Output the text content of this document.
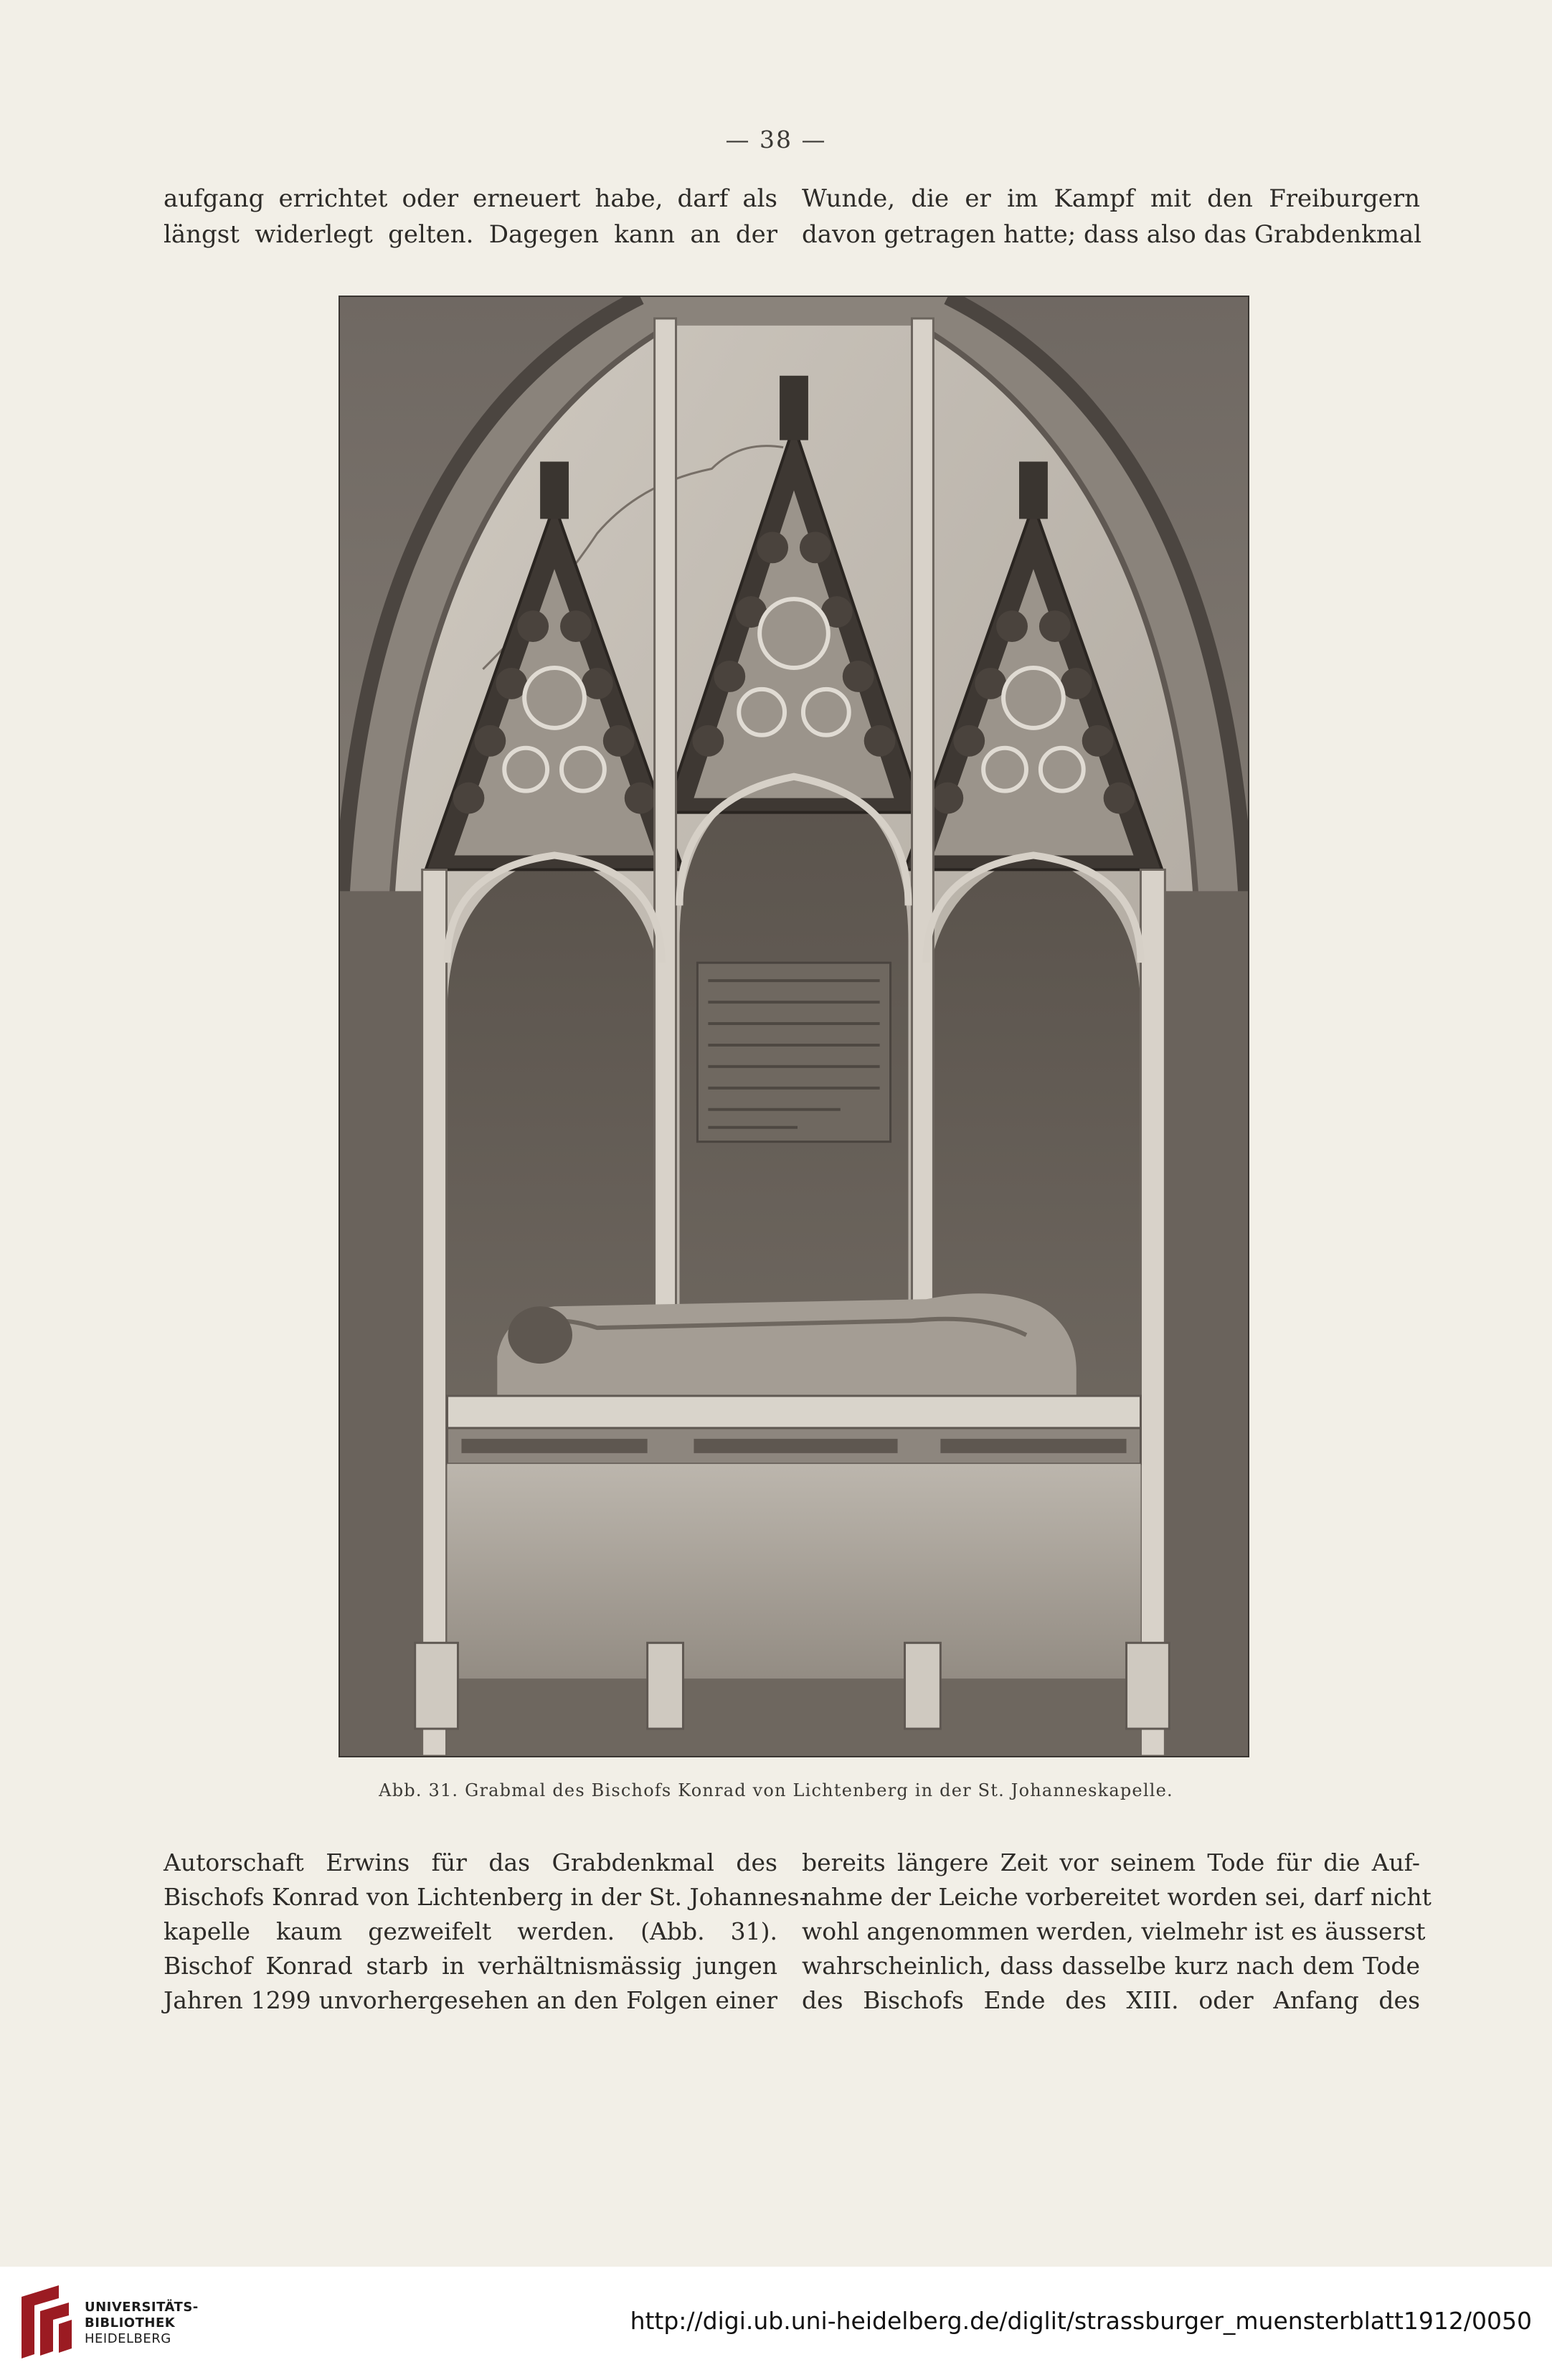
— 38 —

aufgang errichtet oder erneuert habe, darf als

längst widerlegt gelten. Dagegen kann an der

Wunde, die er im Kampf mit den Freiburgern

davon getragen hatte; dass also das Grabdenkmal

Abb. 31. Grabmal des Bischofs Konrad von Lichtenberg in der St. Johanneskapelle.

Autorschaft Erwins für das Grabdenkmal des

Bischofs Konrad von Lichtenberg in der St. Johannes-

kapelle kaum gezweifelt werden. (Abb. 31).

Bischof Konrad starb in verhältnismässig jungen

Jahren 1299 unvorhergesehen an den Folgen einer

bereits längere Zeit vor seinem Tode für die Auf-

nahme der Leiche vorbereitet worden sei, darf nicht

wohl angenommen werden, vielmehr ist es äusserst

wahrscheinlich, dass dasselbe kurz nach dem Tode

des Bischofs Ende des XIII. oder Anfang des

UNIVERSITÄTS-
BIBLIOTHEK
HEIDELBERG
http://digi.ub.uni-heidelberg.de/diglit/strassburger_muensterblatt1912/0050
